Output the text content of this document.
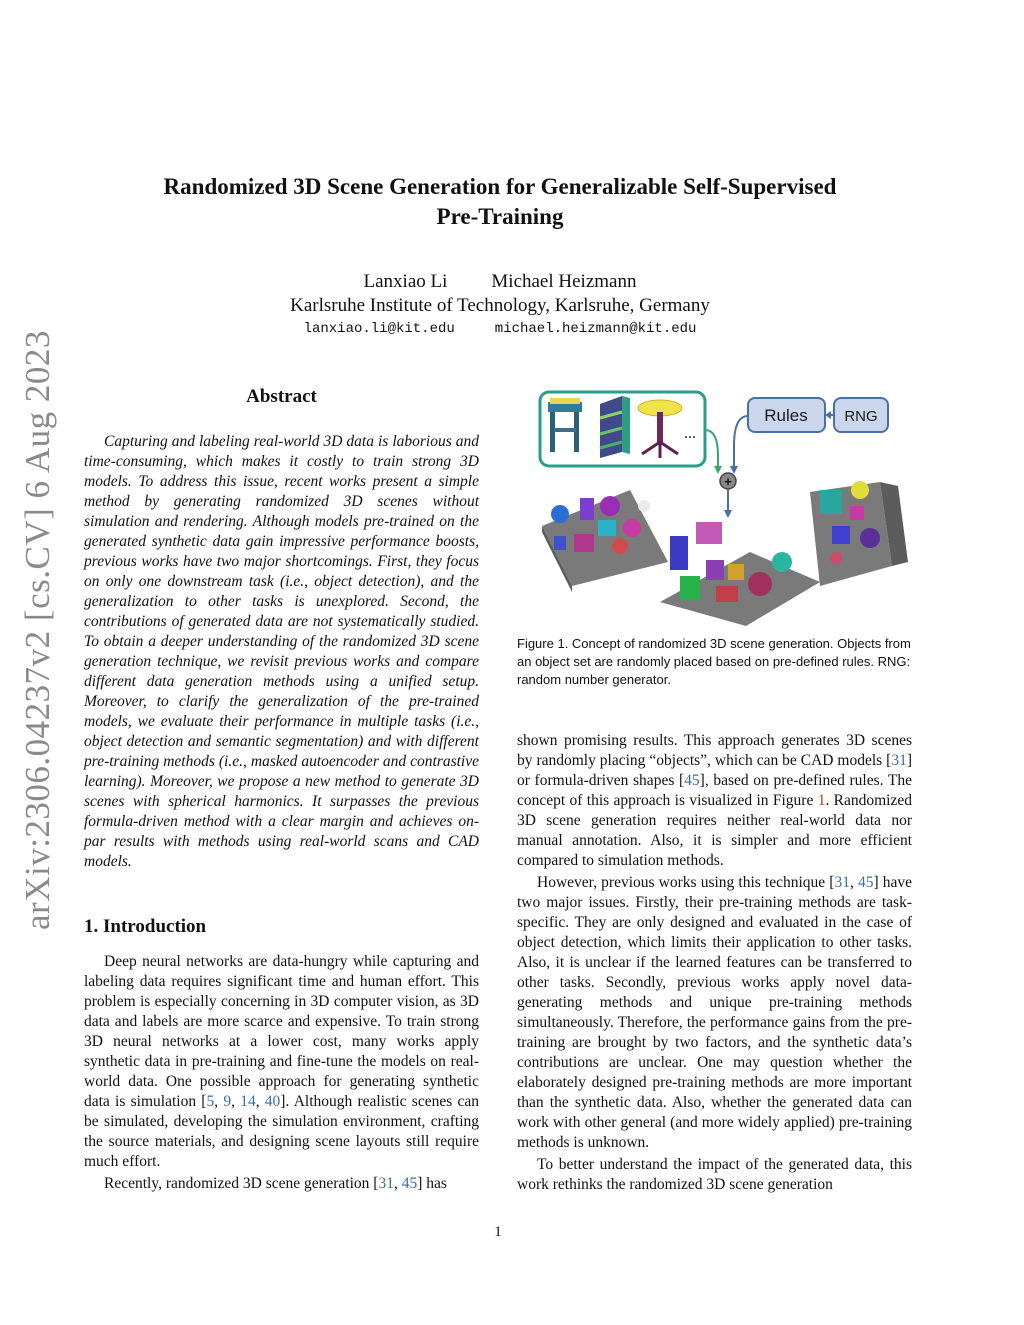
arXiv:2306.04237v2 [cs.CV] 6 Aug 2023
Randomized 3D Scene Generation for Generalizable Self-Supervised
Pre-Training
Lanxiao Li Michael Heizmann
Karlsruhe Institute of Technology, Karlsruhe, Germany
lanxiao.li@kit.edu	michael.heizmann@kit.edu
Abstract

Capturing and labeling real-world 3D data is laborious and time-consuming, which makes it costly to train strong 3D models. To address this issue, recent works present a simple method by generating randomized 3D scenes without simulation and rendering. Although models pre-trained on the generated synthetic data gain impressive performance boosts, previous works have two major shortcomings. First, they focus on only one downstream task (i.e., object detection), and the generalization to other tasks is unexplored. Second, the contributions of generated data are not systematically studied. To obtain a deeper understanding of the randomized 3D scene generation technique, we revisit previous works and compare different data generation methods using a unified setup. Moreover, to clarify the generalization of the pre-trained models, we evaluate their performance in multiple tasks (i.e., object detection and semantic segmentation) and with different pre-training methods (i.e., masked autoencoder and contrastive learning). Moreover, we propose a new method to generate 3D scenes with spherical harmonics. It surpasses the previous formula-driven method with a clear margin and achieves on-par results with methods using real-world scans and CAD models.

1. Introduction

Deep neural networks are data-hungry while capturing and labeling data requires significant time and human effort. This problem is especially concerning in 3D computer vision, as 3D data and labels are more scarce and expensive. To train strong 3D neural networks at a lower cost, many works apply synthetic data in pre-training and fine-tune the models on real-world data. One possible approach for generating synthetic data is simulation [5, 9, 14, 40]. Although realistic scenes can be simulated, developing the simulation environment, crafting the source materials, and designing scene layouts still require much effort.

Recently, randomized 3D scene generation [31, 45] has

...
Rules RNG
+
Figure 1. Concept of randomized 3D scene generation. Objects from an object set are randomly placed based on pre-defined rules. RNG: random number generator.

shown promising results. This approach generates 3D scenes by randomly placing “objects”, which can be CAD models [31] or formula-driven shapes [45], based on pre-defined rules. The concept of this approach is visualized in Figure 1. Randomized 3D scene generation requires neither real-world data nor manual annotation. Also, it is simpler and more efficient compared to simulation methods.

However, previous works using this technique [31, 45] have two major issues. Firstly, their pre-training methods are task-specific. They are only designed and evaluated in the case of object detection, which limits their application to other tasks. Also, it is unclear if the learned features can be transferred to other tasks. Secondly, previous works apply novel data-generating methods and unique pre-training methods simultaneously. Therefore, the performance gains from the pre-training are brought by two factors, and the synthetic data’s contributions are unclear. One may question whether the elaborately designed pre-training methods are more important than the synthetic data. Also, whether the generated data can work with other general (and more widely applied) pre-training methods is unknown.

To better understand the impact of the generated data, this work rethinks the randomized 3D scene generation

1
